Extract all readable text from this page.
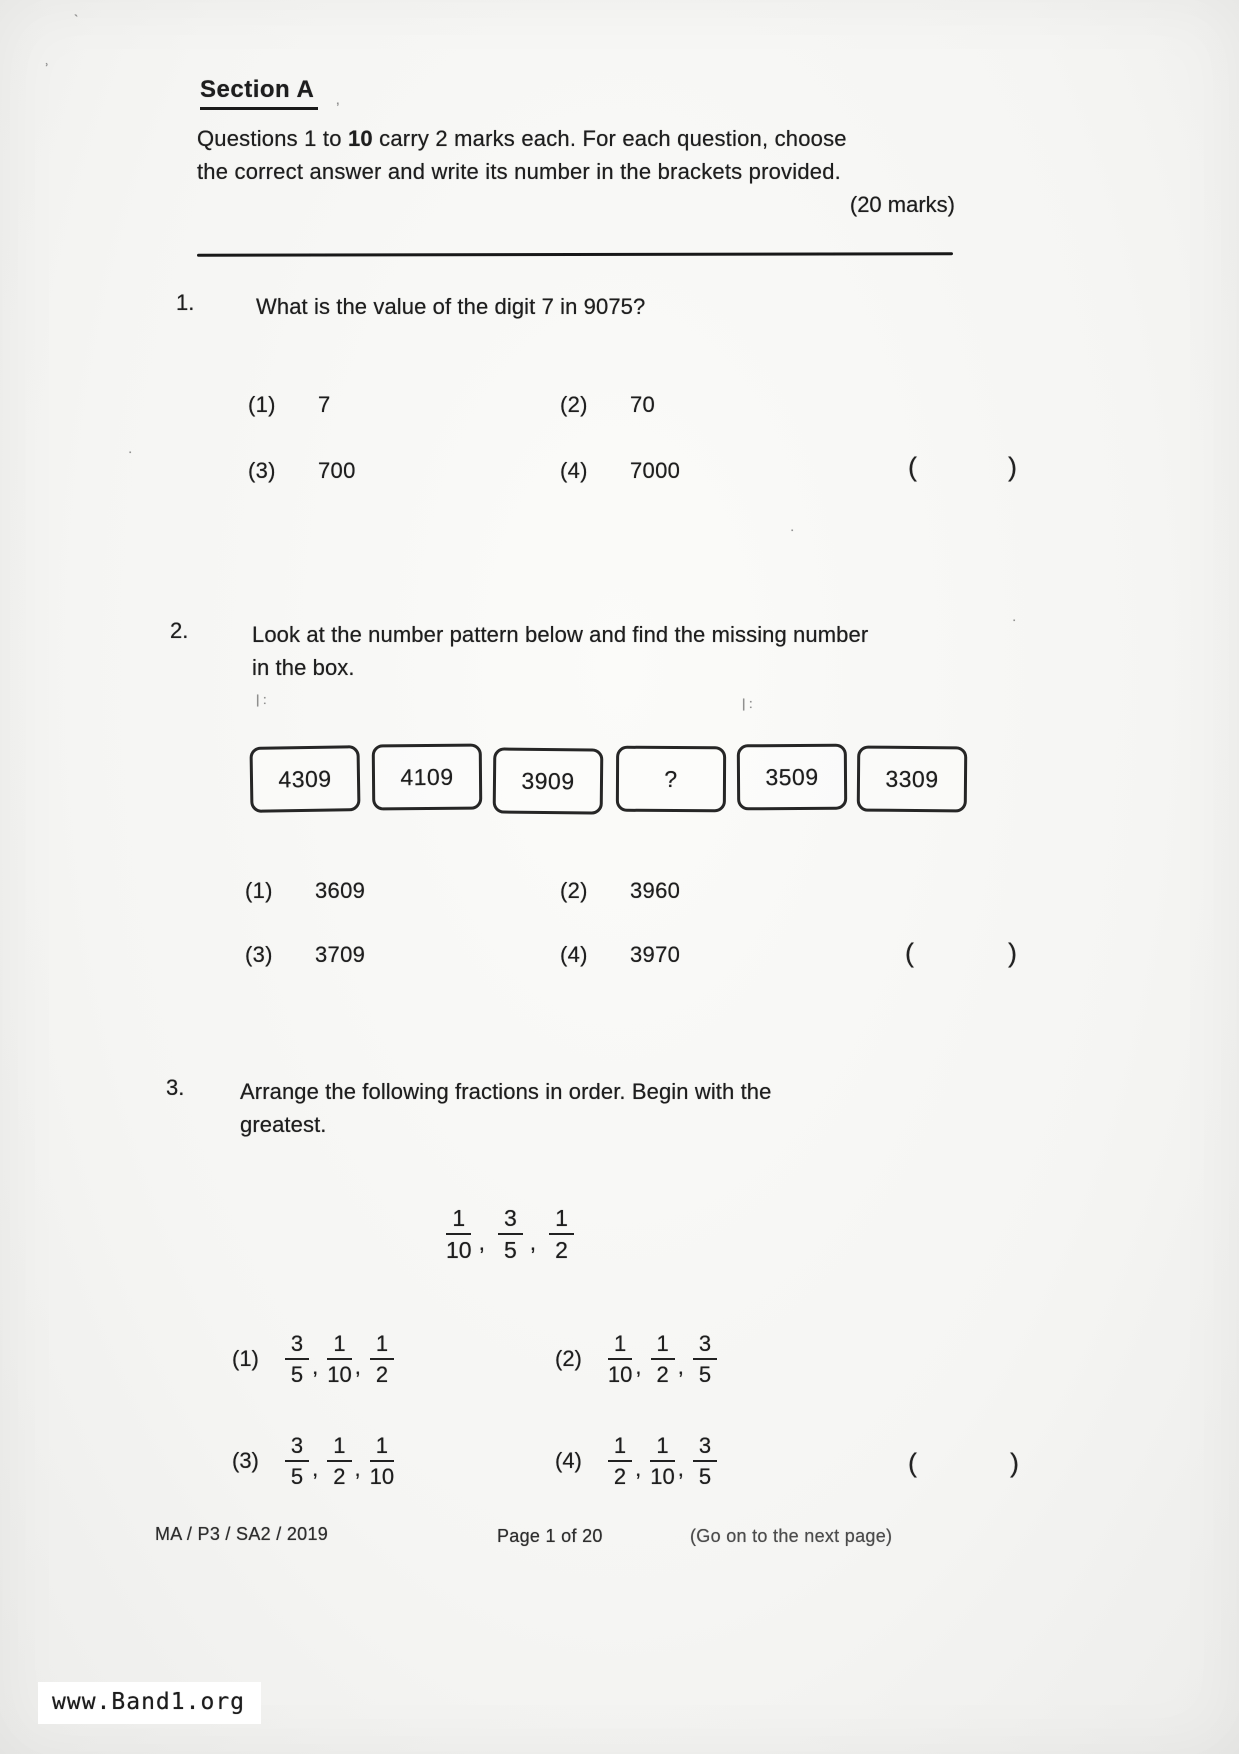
`
ʾ
,
| :	| :
·
·
·
Section A
Questions 1 to 10 carry 2 marks each. For each question, choose
the correct answer and write its number in the brackets provided.
(20 marks)
1.	What is the value of the digit 7 in 9075?
(1)	7	(2)	70
(3)	700	(4)	7000	(	)
2.	Look at the number pattern below and find the missing number
in the box.
4309	4109	3909	?	3509	3309
(1)	3609	(2)	3960
(3)	3709	(4)	3970	(	)
3.	Arrange the following fractions in order. Begin with the
greatest.
$\frac{1}{10}$ , $\frac{3}{5}$ , $\frac{1}{2}$
$(1) \frac{3}{5}$ , $\frac{1}{10}$ , $\frac{1}{2}$	$(2) \frac{1}{10}$ , $\frac{1}{2}$ , $\frac{3}{5}$
$(3) \frac{3}{5}$ , $\frac{1}{2}$ , $\frac{1}{10}$	$(4) \frac{1}{2}$ , $\frac{1}{10}$ , $\frac{3}{5}$	(	)
MA / P3 / SA2 / 2019	Page 1 of 20	(Go on to the next page)
www.Band1.org
